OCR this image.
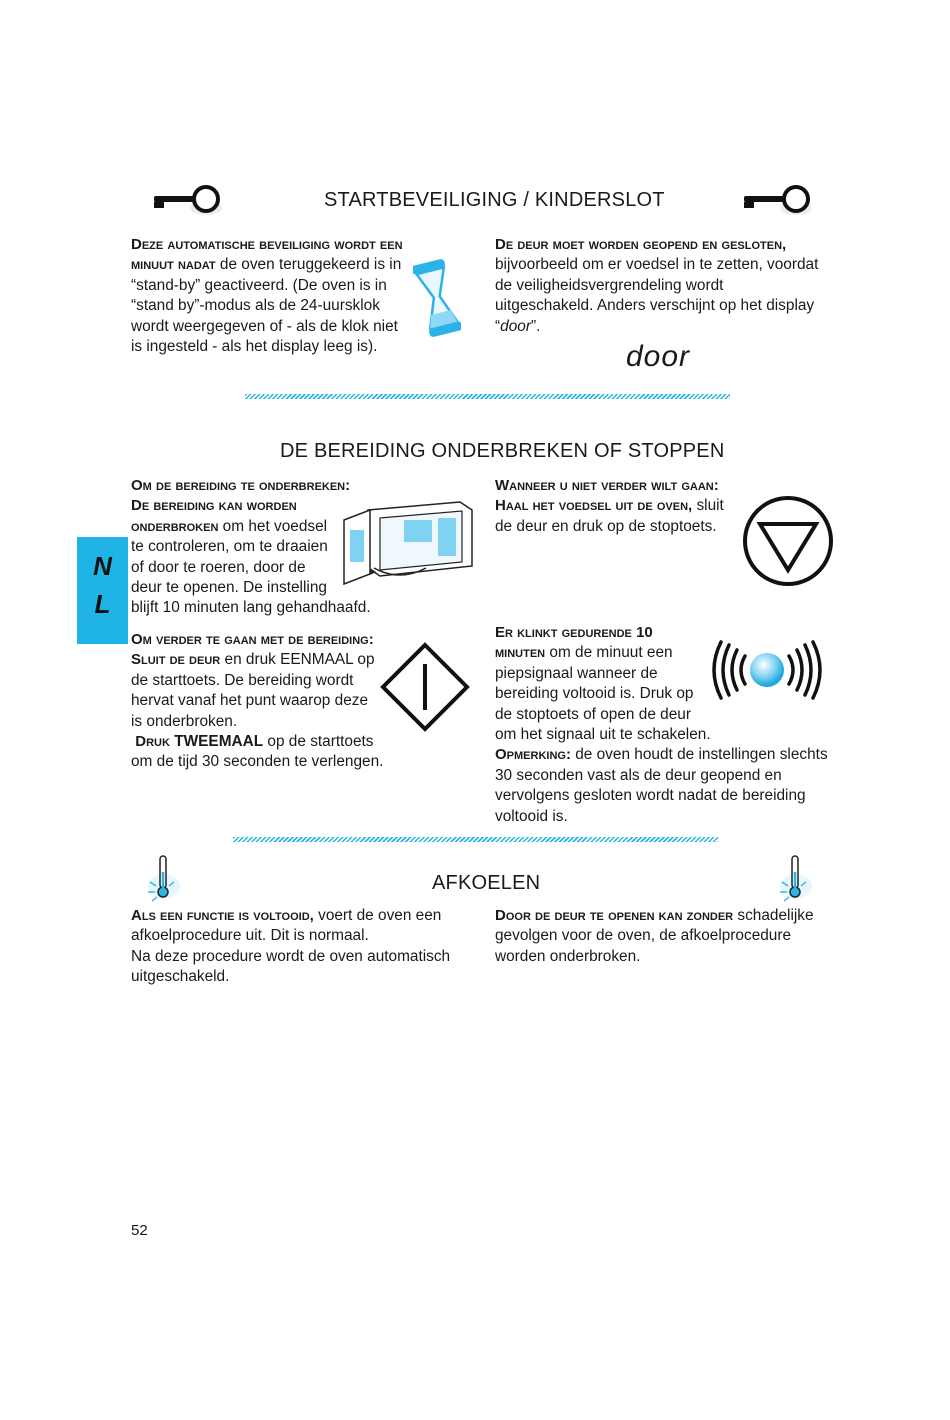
N
L
STARTBEVEILIGING / KINDERSLOT
Deze automatische beveiliging wordt een minuut nadat de oven teruggekeerd is in “stand-by” geactiveerd. (De oven is in “stand by”-modus als de 24-uursklok wordt weergegeven of - als de klok niet is ingesteld - als het display leeg is).
De deur moet worden geopend en gesloten, bijvoorbeeld om er voedsel in te zetten, voordat de veiligheidsvergrendeling wordt uitgeschakeld. Anders verschijnt op het display “door”.
door
DE BEREIDING ONDERBREKEN OF STOPPEN
Om de bereiding te onderbreken:
De bereiding kan worden onderbroken om het voedsel te controleren, om te draaien of door te roeren, door de deur te openen. De instelling blijft 10 minuten lang gehandhaafd.
Om verder te gaan met de bereiding:
Sluit de deur en druk EENMAAL op de starttoets. De bereiding wordt hervat vanaf het punt waarop deze is onderbroken.
Druk TWEEMAAL op de starttoets om de tijd 30 seconden te verlengen.
Wanneer u niet verder wilt gaan:
Haal het voedsel uit de oven, sluit de deur en druk op de stoptoets.
Er klinkt gedurende 10 minuten om de minuut een piepsignaal wanneer de bereiding voltooid is. Druk op de stoptoets of open de deur om het signaal uit te schakelen.
Opmerking: de oven houdt de instellingen slechts 30 seconden vast als de deur geopend en vervolgens gesloten wordt nadat de bereiding voltooid is.
AFKOELEN
Als een functie is voltooid, voert de oven een afkoelprocedure uit. Dit is normaal.
Na deze procedure wordt de oven automatisch uitgeschakeld.
Door de deur te openen kan zonder schadelijke gevolgen voor de oven, de afkoelprocedure worden onderbroken.
52
